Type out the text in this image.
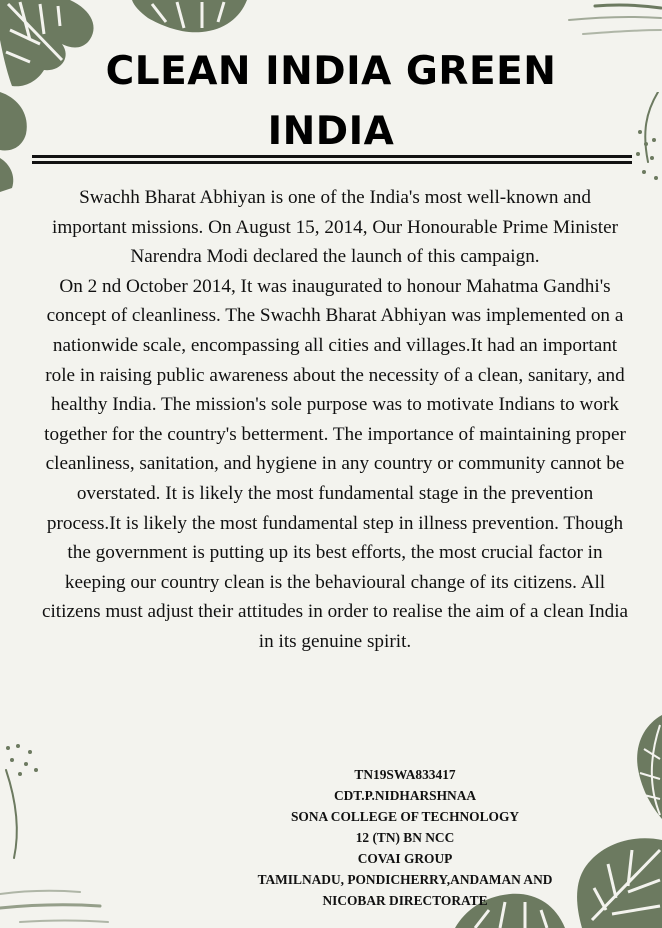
CLEAN INDIA GREEN INDIA

Swachh Bharat Abhiyan is one of the India's most well-known and important missions. On August 15, 2014, Our Honourable Prime Minister Narendra Modi declared the launch of this campaign.

On 2 nd October 2014, It was inaugurated to honour Mahatma Gandhi's concept of cleanliness. The Swachh Bharat Abhiyan was implemented on a nationwide scale, encompassing all cities and villages.It had an important role in raising public awareness about the necessity of a clean, sanitary, and healthy India. The mission's sole purpose was to motivate Indians to work together for the country's betterment. The importance of maintaining proper cleanliness, sanitation, and hygiene in any country or community cannot be overstated. It is likely the most fundamental stage in the prevention process.It is likely the most fundamental step in illness prevention. Though the government is putting up its best efforts, the most crucial factor in keeping our country clean is the behavioural change of its citizens. All citizens must adjust their attitudes in order to realise the aim of a clean India in its genuine spirit.

TN19SWA833417
CDT.P.NIDHARSHNAA
SONA COLLEGE OF TECHNOLOGY
12 (TN) BN NCC
COVAI GROUP
TAMILNADU, PONDICHERRY,ANDAMAN AND
NICOBAR DIRECTORATE
